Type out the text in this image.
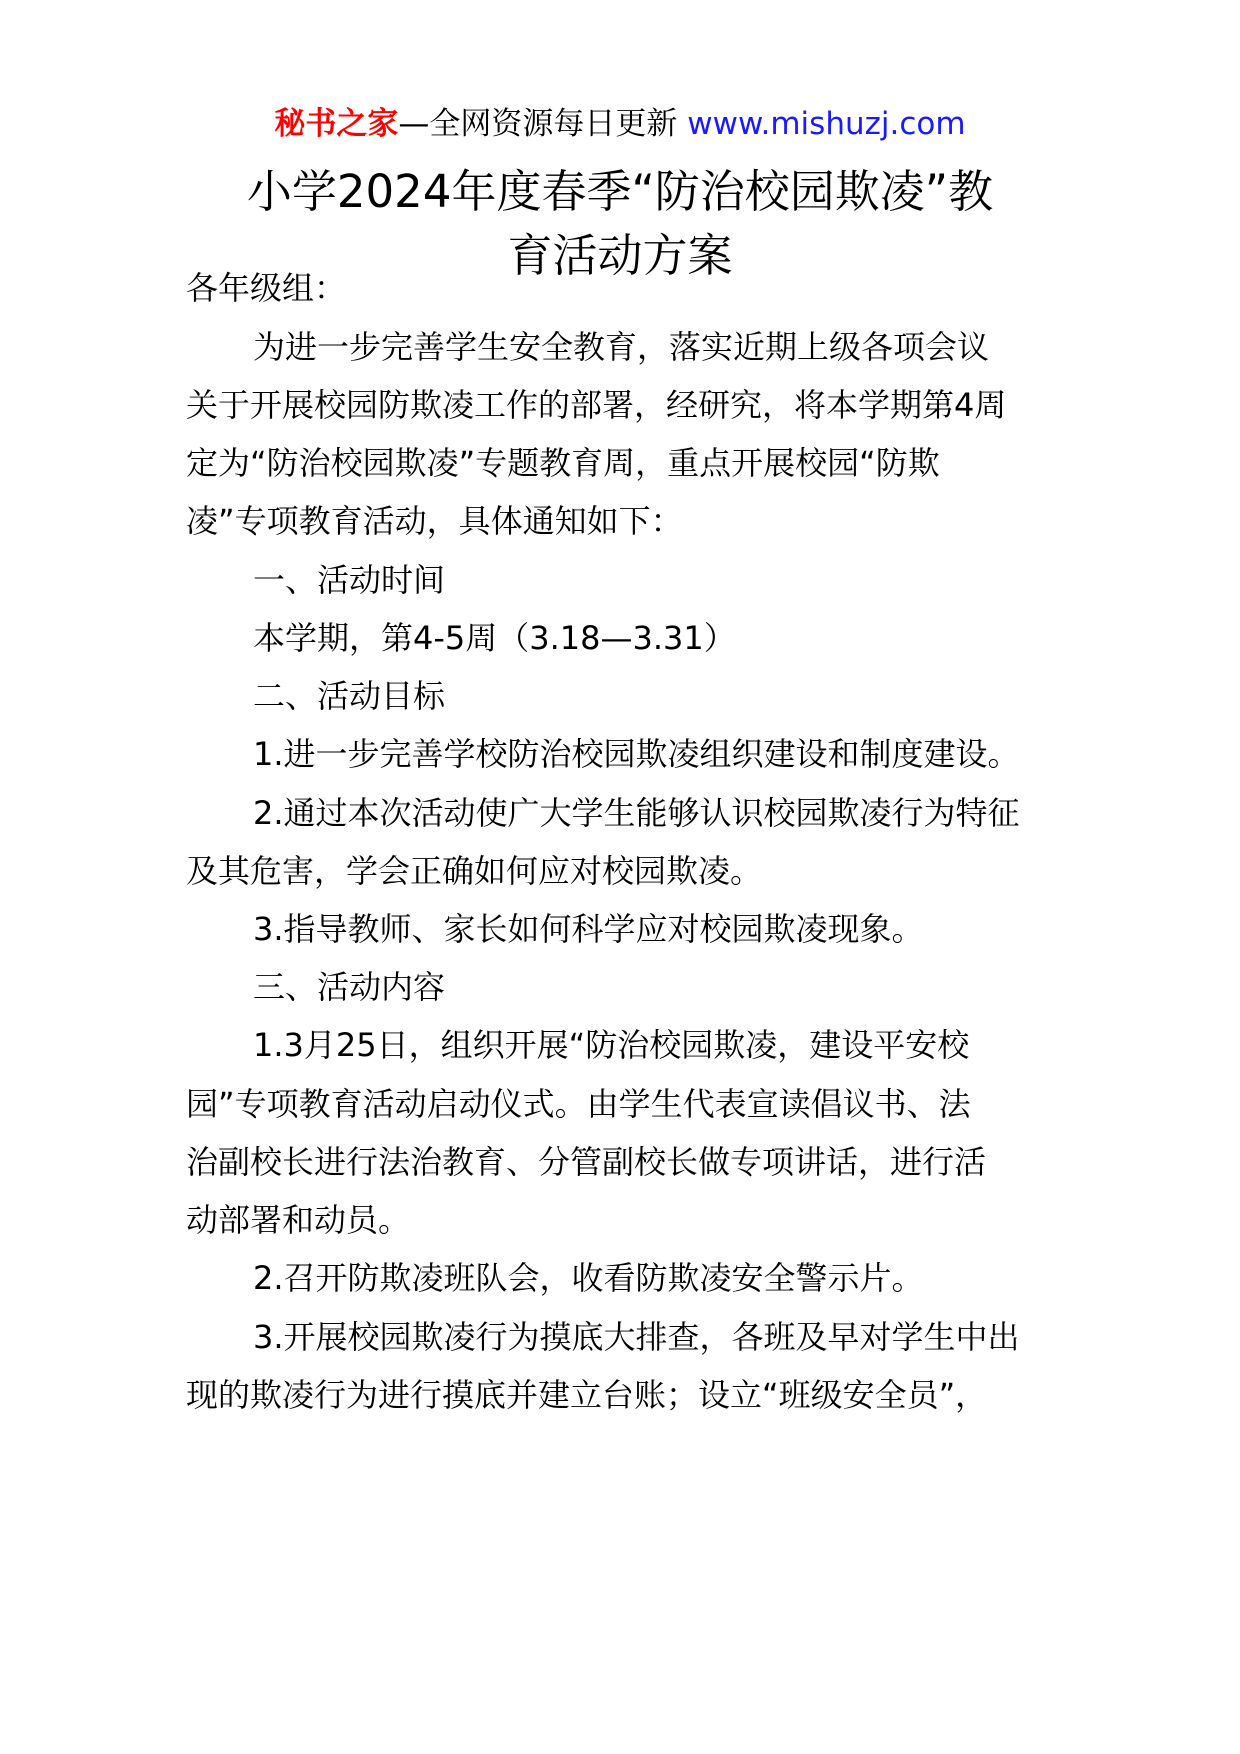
秘书之家—全网资源每日更新 www.mishuzj.com
小学2024年度春季“防治校园欺凌”教
育活动方案
各年级组：
为进一步完善学生安全教育，落实近期上级各项会议
关于开展校园防欺凌工作的部署，经研究，将本学期第4周
定为“防治校园欺凌”专题教育周，重点开展校园“防欺
凌”专项教育活动，具体通知如下：
一、活动时间
本学期，第4-5周（3.18—3.31）
二、活动目标
1.进一步完善学校防治校园欺凌组织建设和制度建设。
2.通过本次活动使广大学生能够认识校园欺凌行为特征
及其危害，学会正确如何应对校园欺凌。
3.指导教师、家长如何科学应对校园欺凌现象。
三、活动内容
1.3月25日，组织开展“防治校园欺凌，建设平安校
园”专项教育活动启动仪式。由学生代表宣读倡议书、法
治副校长进行法治教育、分管副校长做专项讲话，进行活
动部署和动员。
2.召开防欺凌班队会，收看防欺凌安全警示片。
3.开展校园欺凌行为摸底大排查，各班及早对学生中出
现的欺凌行为进行摸底并建立台账；设立“班级安全员”，
